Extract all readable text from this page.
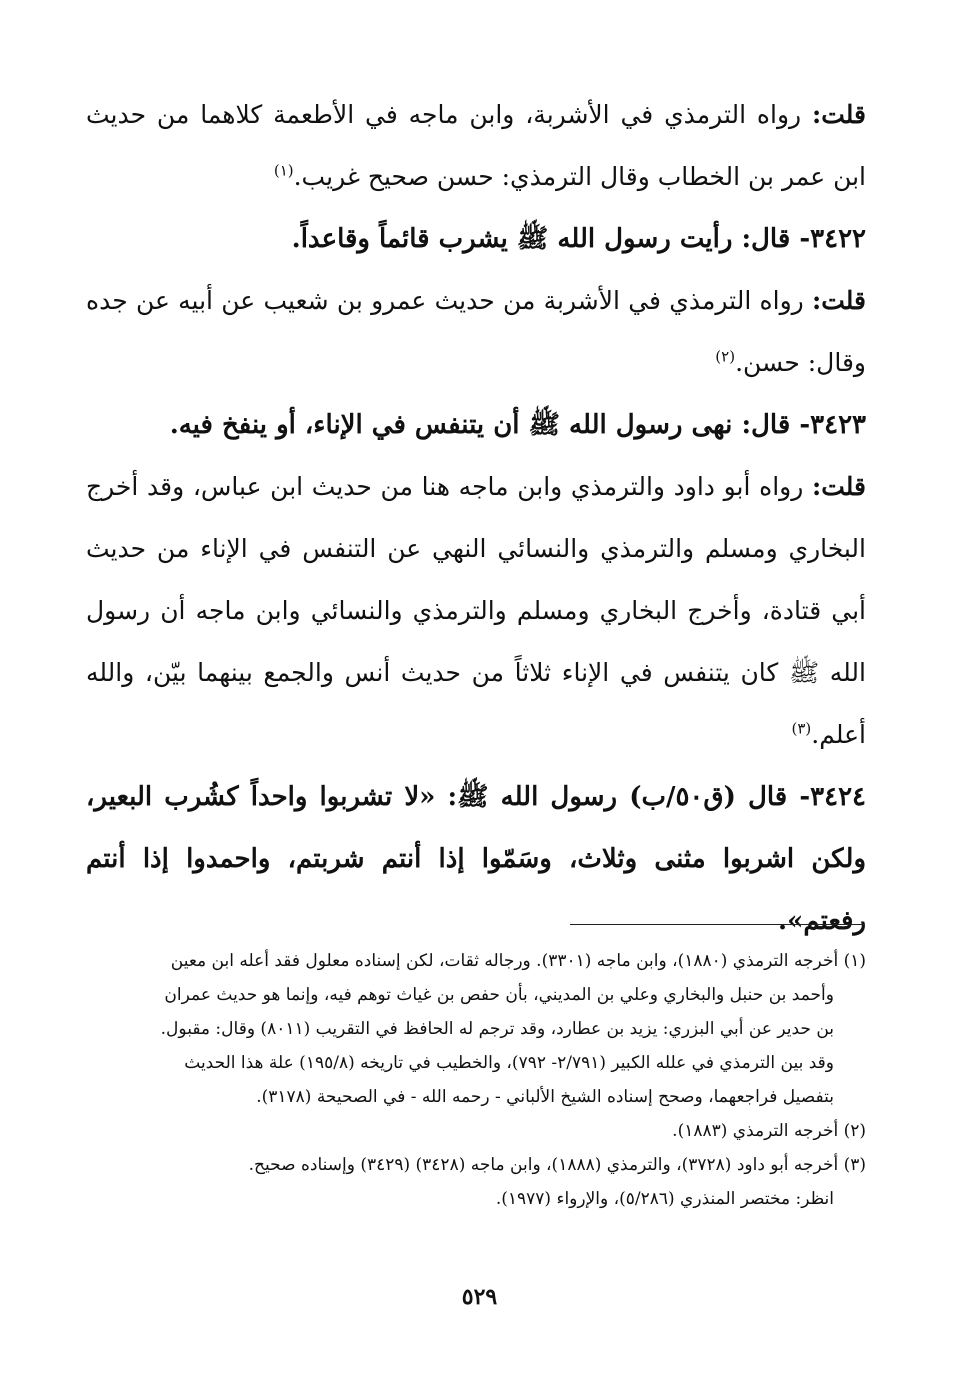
قلت: رواه الترمذي في الأشربة، وابن ماجه في الأطعمة كلاهما من حديث ابن عمر بن الخطاب وقال الترمذي: حسن صحيح غريب.$^{(١)}$

٣٤٢٢- قال: رأيت رسول الله ﷺ يشرب قائماً وقاعداً.

قلت: رواه الترمذي في الأشربة من حديث عمرو بن شعيب عن أبيه عن جده وقال: حسن.$^{(٢)}$

٣٤٢٣- قال: نهى رسول الله ﷺ أن يتنفس في الإناء، أو ينفخ فيه.

قلت: رواه أبو داود والترمذي وابن ماجه هنا من حديث ابن عباس، وقد أخرج البخاري ومسلم والترمذي والنسائي النهي عن التنفس في الإناء من حديث أبي قتادة، وأخرج البخاري ومسلم والترمذي والنسائي وابن ماجه أن رسول الله ﷺ كان يتنفس في الإناء ثلاثاً من حديث أنس والجمع بينهما بيّن، والله أعلم.$^{(٣)}$

٣٤٢٤- قال (ق٥٠/ب) رسول الله ﷺ: «لا تشربوا واحداً كشُرب البعير، ولكن اشربوا مثنى وثلاث، وسَمّوا إذا أنتم شربتم، واحمدوا إذا أنتم رفعتم».

(١) أخرجه الترمذي (١٨٨٠)، وابن ماجه (٣٣٠١). ورجاله ثقات، لكن إسناده معلول فقد أعله ابن معين
وأحمد بن حنبل والبخاري وعلي بن المديني، بأن حفص بن غياث توهم فيه، وإنما هو حديث عمران
بن حدير عن أبي البزري: يزيد بن عطارد، وقد ترجم له الحافظ في التقريب (٨٠١١) وقال: مقبول.
وقد بين الترمذي في علله الكبير (٢/٧٩١- ٧٩٢)، والخطيب في تاريخه (١٩٥/٨) علة هذا الحديث
بتفصيل فراجعهما، وصحح إسناده الشيخ الألباني - رحمه الله - في الصحيحة (٣١٧٨).

(٢) أخرجه الترمذي (١٨٨٣).

(٣) أخرجه أبو داود (٣٧٢٨)، والترمذي (١٨٨٨)، وابن ماجه (٣٤٢٨) (٣٤٢٩) وإسناده صحيح.
انظر: مختصر المنذري (٥/٢٨٦)، والإرواء (١٩٧٧).

٥٢٩
